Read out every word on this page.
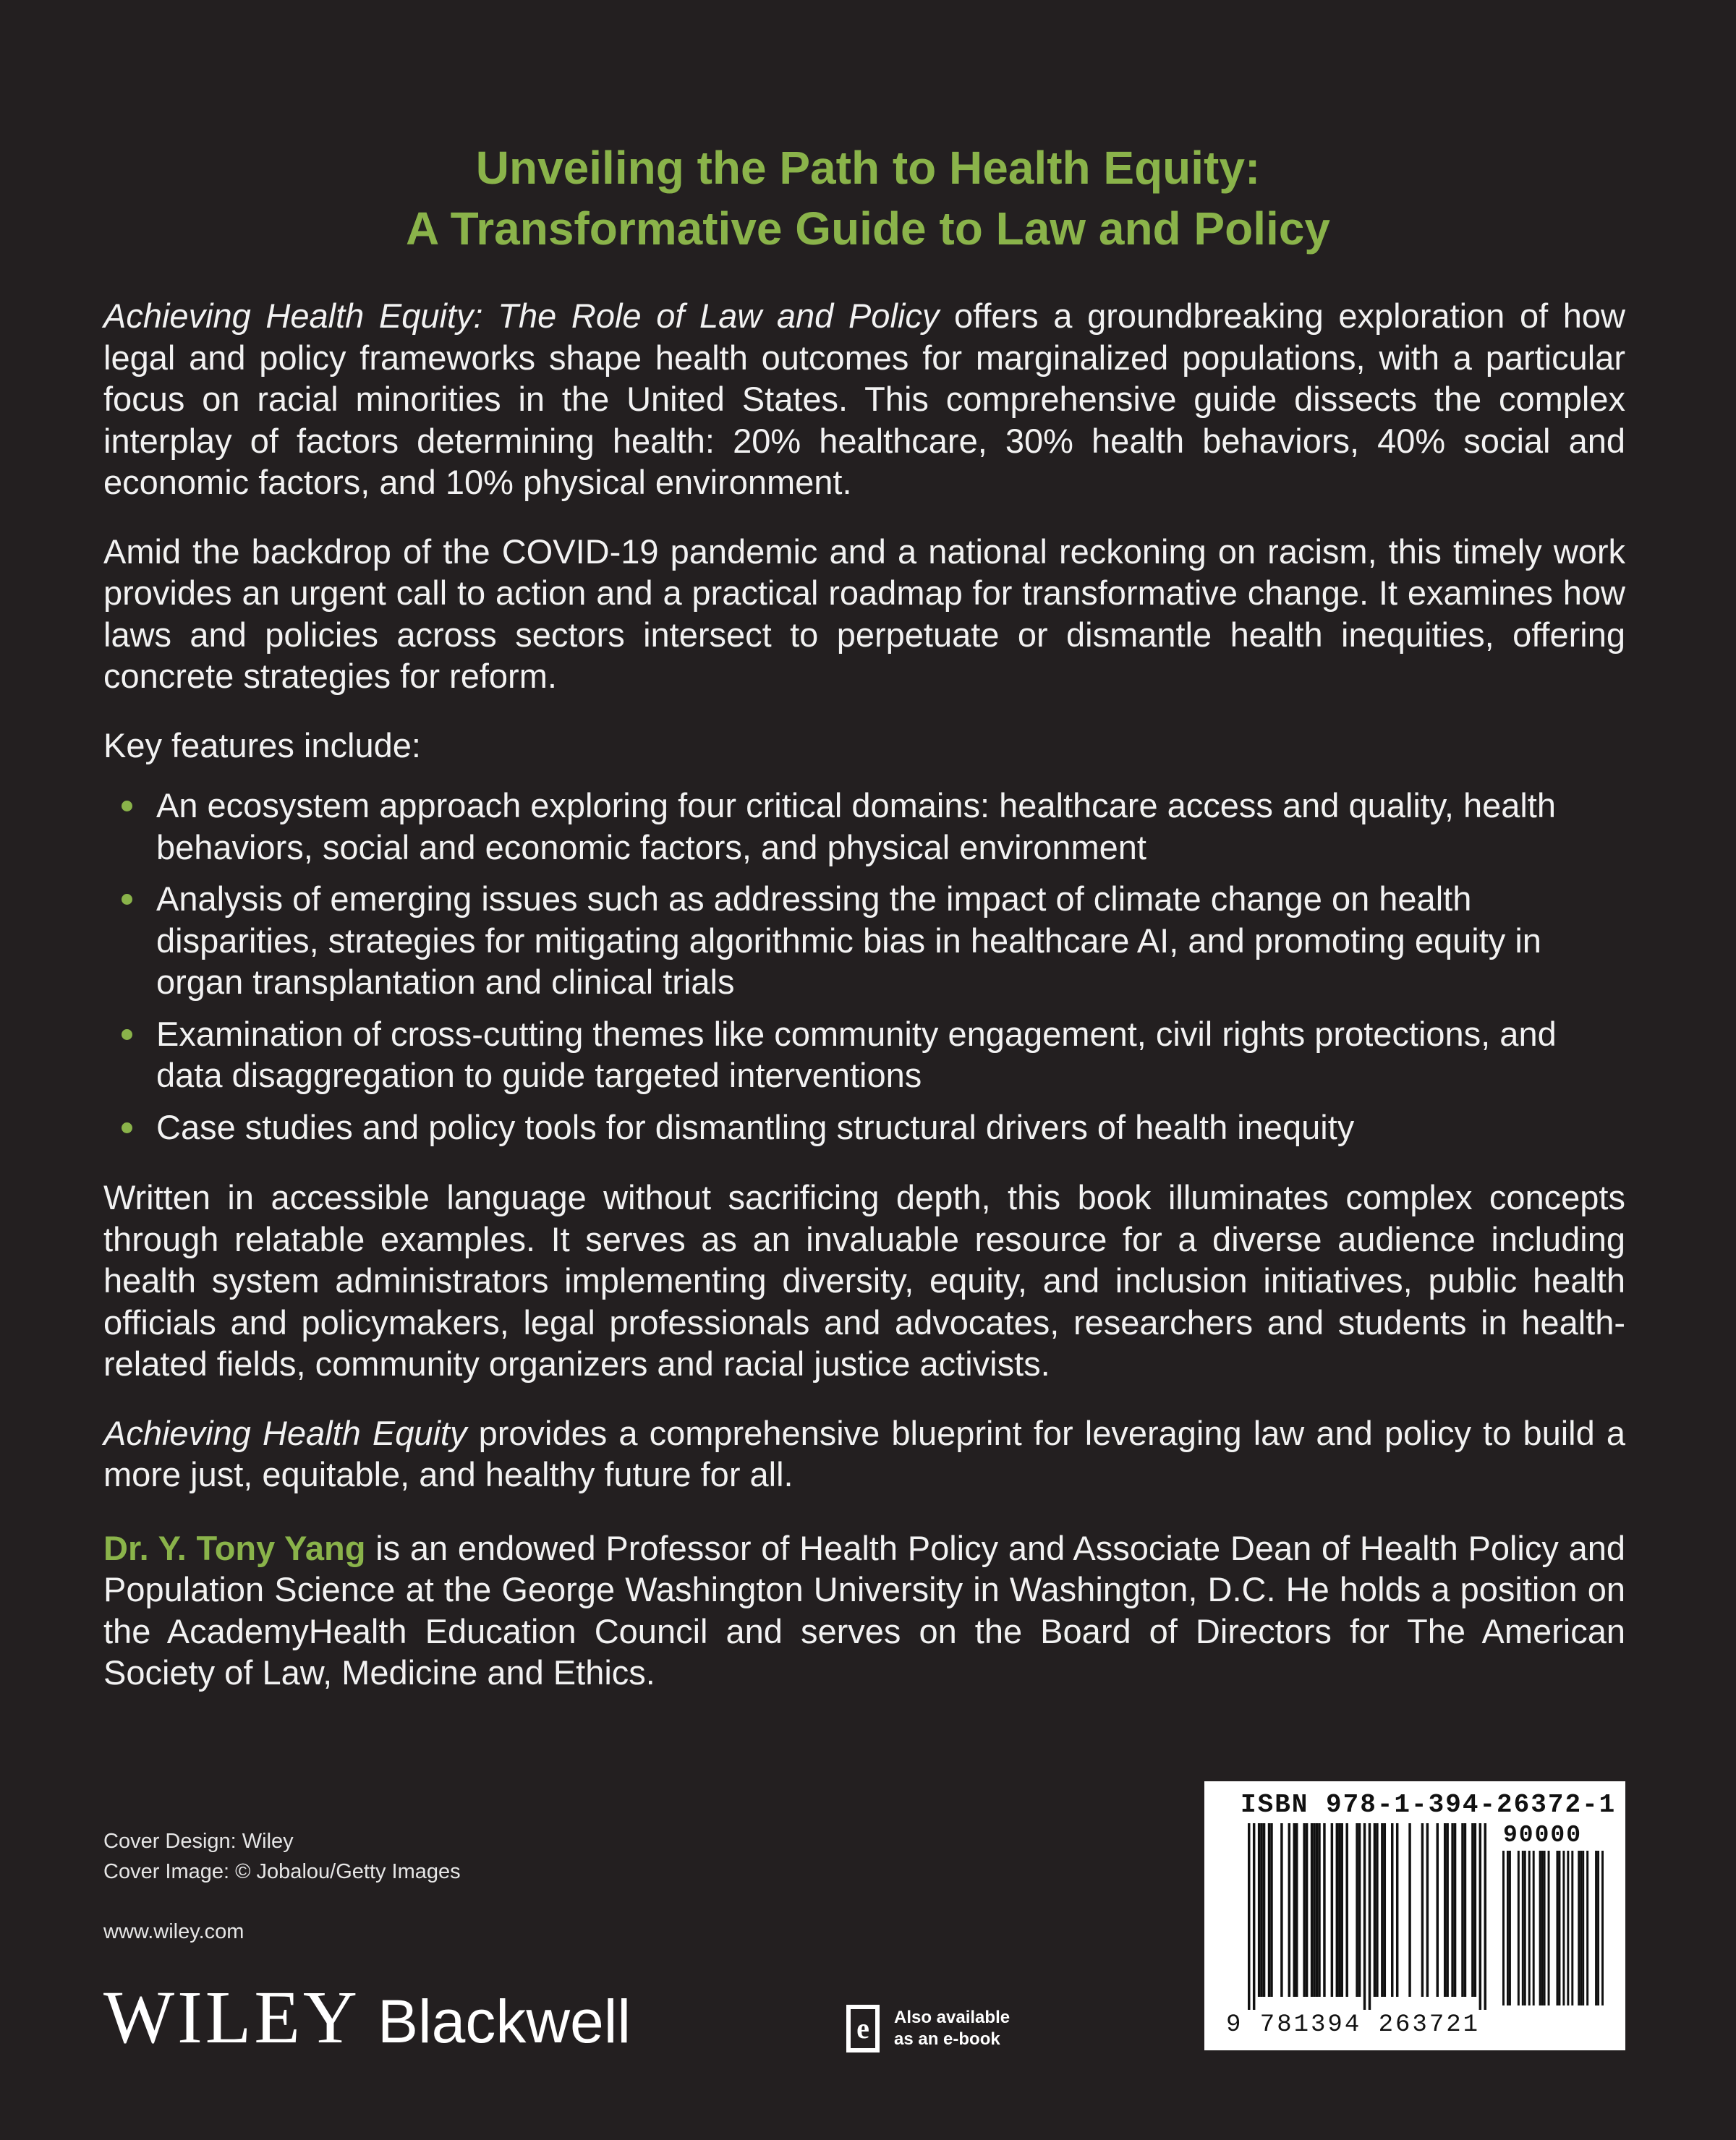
Unveiling the Path to Health Equity:
A Transformative Guide to Law and Policy

Achieving Health Equity: The Role of Law and Policy offers a groundbreaking exploration of how legal and policy frameworks shape health outcomes for marginalized populations, with a particular focus on racial minorities in the United States. This comprehensive guide dissects the complex interplay of factors determining health: 20% healthcare, 30% health behaviors, 40% social and economic factors, and 10% physical environment.

Amid the backdrop of the COVID-19 pandemic and a national reckoning on racism, this timely work provides an urgent call to action and a practical roadmap for transformative change. It examines how laws and policies across sectors intersect to perpetuate or dismantle health inequities, offering concrete strategies for reform.

Key features include:

An ecosystem approach exploring four critical domains: healthcare access and quality, health behaviors, social and economic factors, and physical environment
Analysis of emerging issues such as addressing the impact of climate change on health disparities, strategies for mitigating algorithmic bias in healthcare AI, and promoting equity in organ transplantation and clinical trials
Examination of cross-cutting themes like community engagement, civil rights protections, and data disaggregation to guide targeted interventions
Case studies and policy tools for dismantling structural drivers of health inequity

Written in accessible language without sacrificing depth, this book illuminates complex concepts through relatable examples. It serves as an invaluable resource for a diverse audience including health system administrators implementing diversity, equity, and inclusion initiatives, public health officials and policymakers, legal professionals and advocates, researchers and students in health-related fields, community organizers and racial justice activists.

Achieving Health Equity provides a comprehensive blueprint for leveraging law and policy to build a more just, equitable, and healthy future for all.

Dr. Y. Tony Yang is an endowed Professor of Health Policy and Associate Dean of Health Policy and Population Science at the George Washington University in Washington, D.C. He holds a position on the AcademyHealth Education Council and serves on the Board of Directors for The American Society of Law, Medicine and Ethics.

Cover Design: Wiley
Cover Image: © Jobalou/Getty Images
www.wiley.com
WILEY Blackwell	e Also available
as an e-book
ISBN 978-1-394-26372-1
90000
9 781394 263721
